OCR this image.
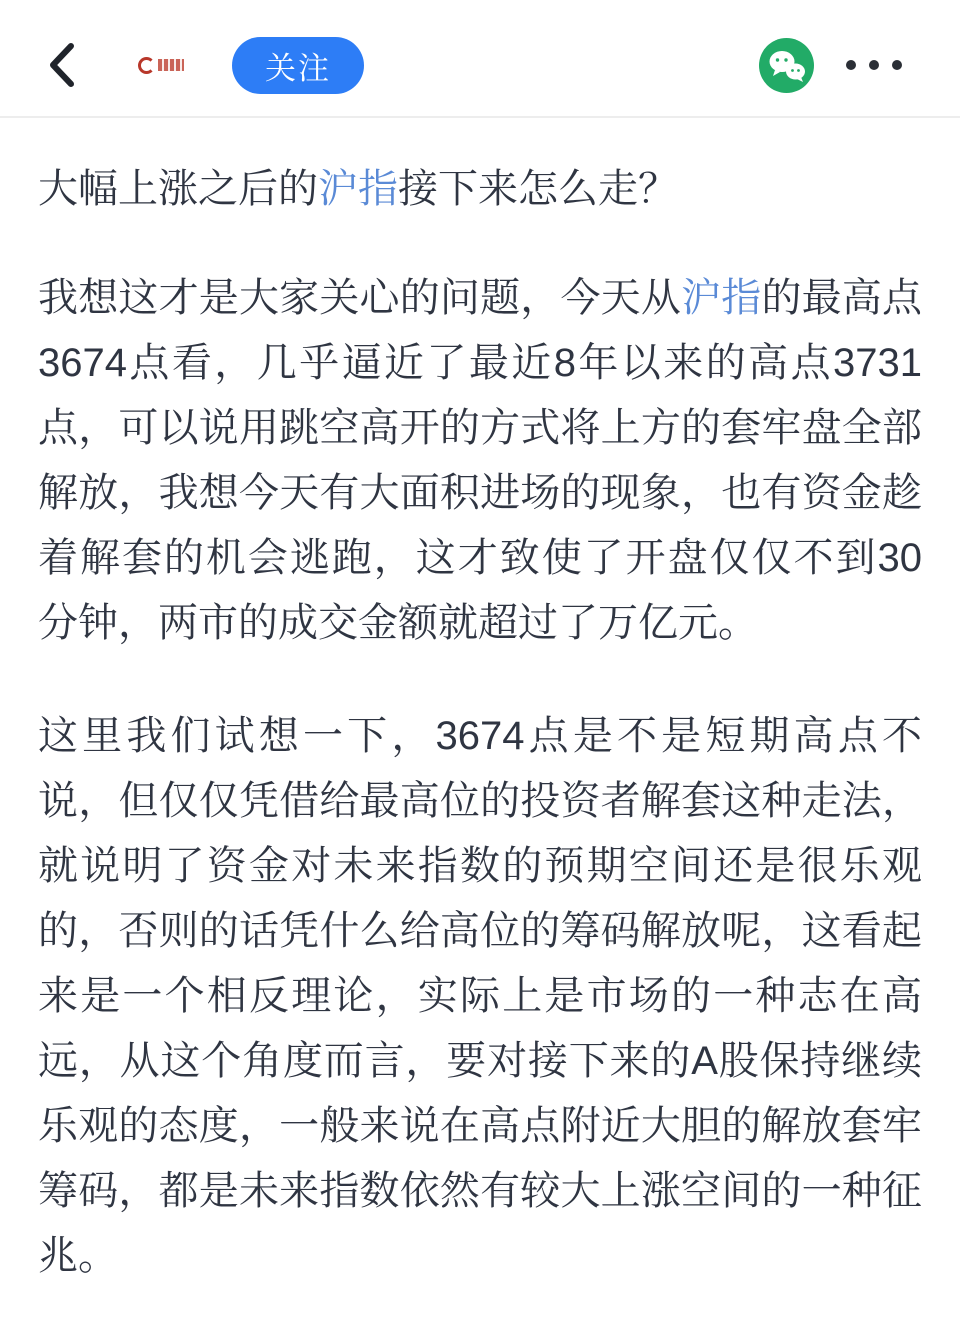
关注
大幅上涨之后的沪指接下来怎么走？

我想这才是大家关心的问题，今天从沪指的最高点3674点看，几乎逼近了最近8年以来的高点3731点，可以说用跳空高开的方式将上方的套牢盘全部解放，我想今天有大面积进场的现象，也有资金趁着解套的机会逃跑，这才致使了开盘仅仅不到30分钟，两市的成交金额就超过了万亿元。

这里我们试想一下，3674点是不是短期高点不说，但仅仅凭借给最高位的投资者解套这种走法，就说明了资金对未来指数的预期空间还是很乐观的，否则的话凭什么给高位的筹码解放呢，这看起来是一个相反理论，实际上是市场的一种志在高远，从这个角度而言，要对接下来的A股保持继续乐观的态度，一般来说在高点附近大胆的解放套牢筹码，都是未来指数依然有较大上涨空间的一种征兆。
